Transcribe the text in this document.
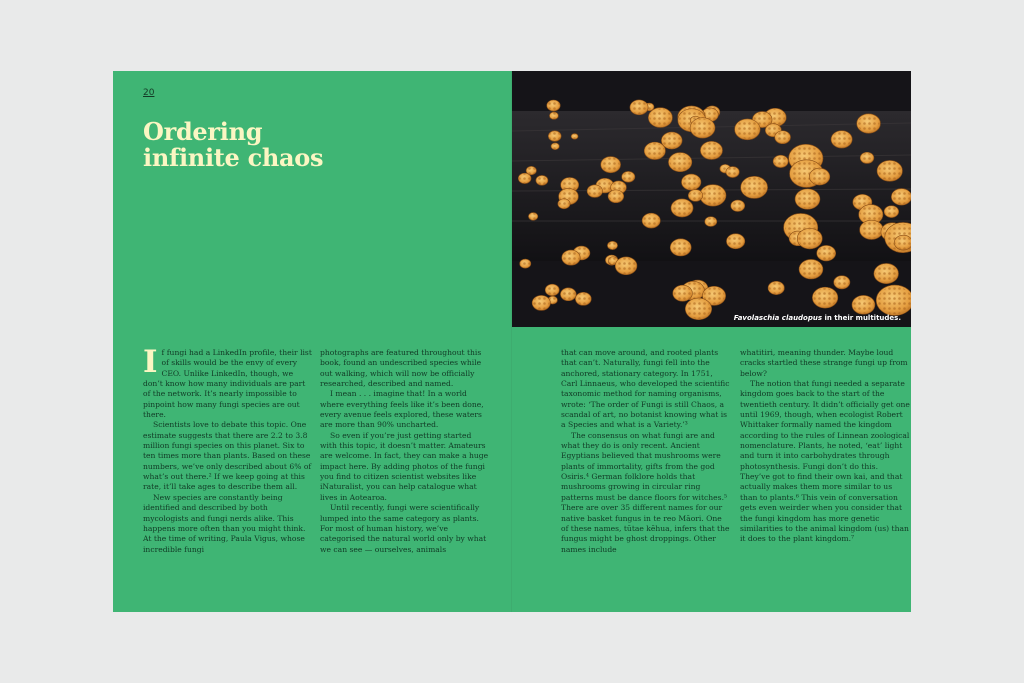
20
Ordering
infinite chaos

If fungi had a LinkedIn profile, their list of skills would be the envy of every CEO. Unlike LinkedIn, though, we don’t know how many individuals are part of the network. It’s nearly impossible to pinpoint how many fungi species are out there.

Scientists love to debate this topic. One estimate suggests that there are 2.2 to 3.8 million fungi species on this planet. Six to ten times more than plants. Based on these numbers, we’ve only described about 6% of what’s out there.² If we keep going at this rate, it’ll take ages to describe them all.

New species are constantly being identified and described by both mycologists and fungi nerds alike. This happens more often than you might think. At the time of writing, Paula Vigus, whose incredible fungi

photographs are featured throughout this book, found an undescribed species while out walking, which will now be officially researched, described and named.

I mean . . . imagine that! In a world where everything feels like it’s been done, every avenue feels explored, these waters are more than 90% uncharted.

So even if you’re just getting started with this topic, it doesn’t matter. Amateurs are welcome. In fact, they can make a huge impact here. By adding photos of the fungi you find to citizen scientist websites like iNaturalist, you can help catalogue what lives in Aotearoa.

Until recently, fungi were scientifically lumped into the same category as plants. For most of human history, we’ve categorised the natural world only by what we can see — ourselves, animals

Favolaschia claudopus in their multitudes.

that can move around, and rooted plants that can’t. Naturally, fungi fell into the anchored, stationary category. In 1751, Carl Linnaeus, who developed the scientific taxonomic method for naming organisms, wrote: ‘The order of Fungi is still Chaos, a scandal of art, no botanist knowing what is a Species and what is a Variety.’³

The consensus on what fungi are and what they do is only recent. Ancient Egyptians believed that mushrooms were plants of immortality, gifts from the god Osiris.⁴ German folklore holds that mushrooms growing in circular ring patterns must be dance floors for witches.⁵ There are over 35 different names for our native basket fungus in te reo Māori. One of these names, tūtae kēhua, infers that the fungus might be ghost droppings. Other names include

whatitiri, meaning thunder. Maybe loud cracks startled these strange fungi up from below?

The notion that fungi needed a separate kingdom goes back to the start of the twentieth century. It didn’t officially get one until 1969, though, when ecologist Robert Whittaker formally named the kingdom according to the rules of Linnean zoological nomenclature. Plants, he noted, ‘eat’ light and turn it into carbohydrates through photosynthesis. Fungi don’t do this. They’ve got to find their own kai, and that actually makes them more similar to us than to plants.⁶ This vein of conversation gets even weirder when you consider that the fungi kingdom has more genetic similarities to the animal kingdom (us) than it does to the plant kingdom.⁷
